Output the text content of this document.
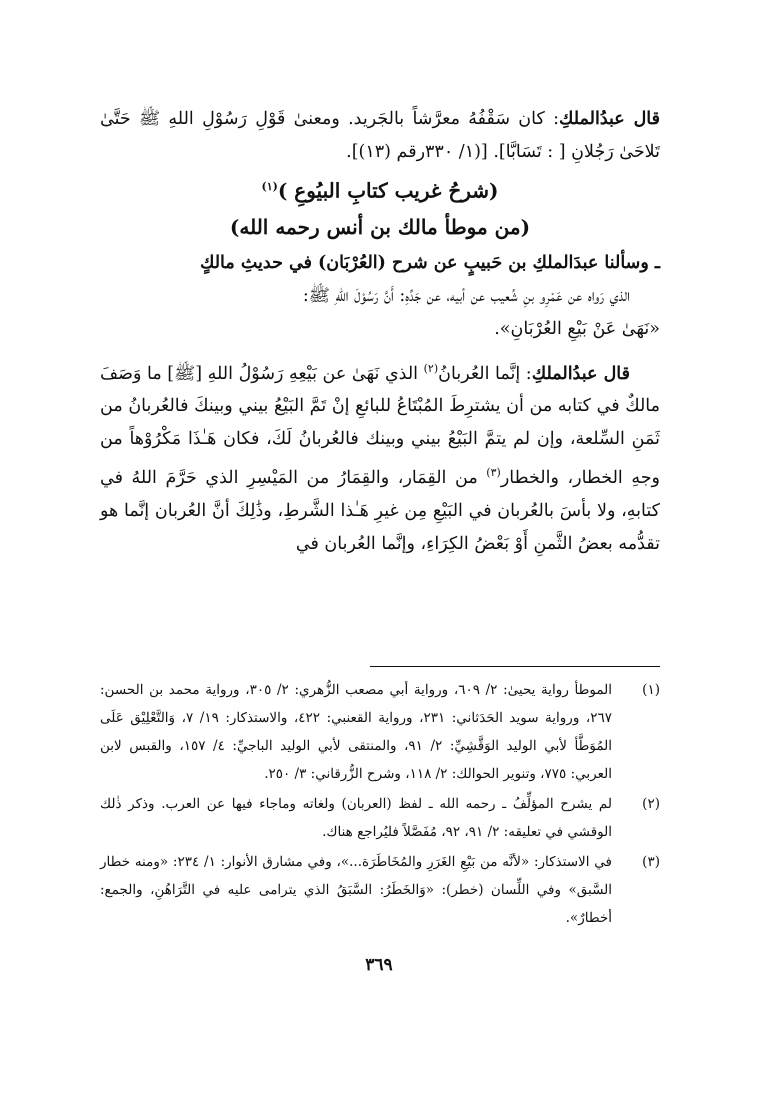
قال عبدُالملكِ: كان سَقْفُهُ معرَّشاً بالجَريد. ومعنىٰ قَوْلِ رَسُوْلِ اللهِ ﷺ حَتَّىٰ تَلاحَىٰ رَجُلانِ [ : تَسَابَّا]. [(١/ ٣٣٠رقم (١٣)].

(شرحُ غريب كتابِ البيُوعِ )$^{(١)}$

(من موطأ مالك بن أنس رحمه الله)

ـ وسألنا عبدَالملكِ بن حَبيبٍ عن شرح (العُرْبَان) في حديثِ مالكٍ

الذي رَواه عن عَمْرِو بنِ شُعيب عن أبيه، عن جَدِّهِ: أَنَّ رَسُوْلَ اللهِ ﷺ:

«نَهَىٰ عَنْ بَيْعِ العُرْبَانِ».

قال عبدُالملكِ: إنَّما العُربانُ$^{(٢)}$ الذي نَهَىٰ عن بَيْعِهِ رَسُوْلُ اللهِ [ﷺ] ما وَصَفَ مالكٌ في كتابه من أن يشترِطَ المُبْتَاعُ للبائعِ إنْ تَمَّ البَيْعُ بيني وبينكَ فالعُربانُ من ثَمَنِ السِّلعة، وإن لم يتمَّ البَيْعُ بيني وبينك فالعُربانُ لَكَ، فكان هَـٰذَا مَكْرُوْهاً من وجهِ الخطار، والخطار$^{(٣)}$ من القِمَار، والقِمَارُ من المَيْسِرِ الذي حَرَّمَ اللهُ في كتابهِ، ولا بأسَ بالعُربان في البَيْعِ مِن غيرِ هَـٰذا الشَّرطِ، وذَٰلِكَ أنَّ العُربان إنَّما هو تقدُّمه بعضُ الثَّمنِ أَوْ بَعْضُ الكِرَاءِ، وإنَّما العُربان في

(١)
الموطأ رواية يحيىٰ: ٢/ ٦٠٩، ورواية أبي مصعب الزُّهري: ٢/ ٣٠٥، ورواية محمد بن الحسن: ٢٦٧، ورواية سويد الحَدَثاني: ٢٣١، ورواية القعنبي: ٤٢٢، والاستذكار: ١٩/ ٧، وَالتَّعْلِيْق عَلَى المُوَطَّأ لأبي الوليد الوَقَّشِيِّ: ٢/ ٩١، والمنتقى لأبي الوليد الباجيِّ: ٤/ ١٥٧، والقبس لابن العربي: ٧٧٥، وتنوير الحوالك: ٢/ ١١٨، وشرح الزُّرقاني: ٣/ ٢٥٠.
(٢)
لم يشرح المؤلِّفُ ـ رحمه الله ـ لفظ (العربان) ولغاته وماجاء فيها عن العرب. وذكر ذٰلك الوقشي في تعليقه: ٢/ ٩١، ٩٢، مُفَصَّلاً فليُراجع هناك.
(٣)
في الاستذكار: «لأنَّه من بَيْعِ الغَرَرِ والمُخَاطَرَة...»، وفي مشارق الأنوار: ١/ ٢٣٤: «ومنه خطار السَّبق» وفي اللِّسان (خطر): «وَالخَطَرُ: السَّبَقُ الذي يترامى عليه في التَّرَاهُنِ، والجمع: أخطارٌ».
٣٦٩
